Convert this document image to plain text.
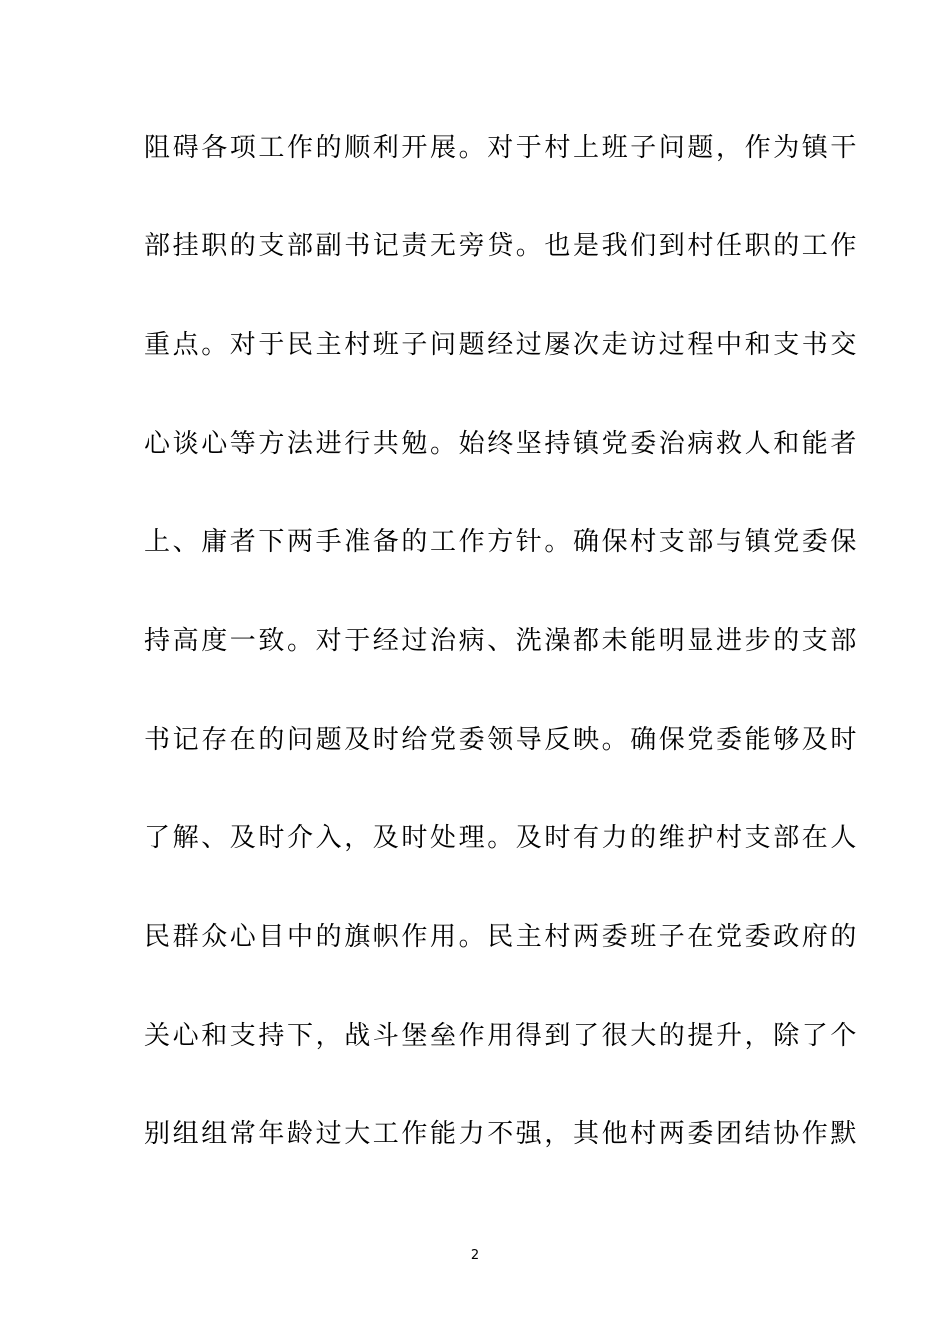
阻碍各项工作的顺利开展。对于村上班子问题，作为镇干
部挂职的支部副书记责无旁贷。也是我们到村任职的工作
重点。对于民主村班子问题经过屡次走访过程中和支书交
心谈心等方法进行共勉。始终坚持镇党委治病救人和能者
上、庸者下两手准备的工作方针。确保村支部与镇党委保
持高度一致。对于经过治病、洗澡都未能明显进步的支部
书记存在的问题及时给党委领导反映。确保党委能够及时
了解、及时介入，及时处理。及时有力的维护村支部在人
民群众心目中的旗帜作用。民主村两委班子在党委政府的
关心和支持下，战斗堡垒作用得到了很大的提升，除了个
别组组常年龄过大工作能力不强，其他村两委团结协作默
2
